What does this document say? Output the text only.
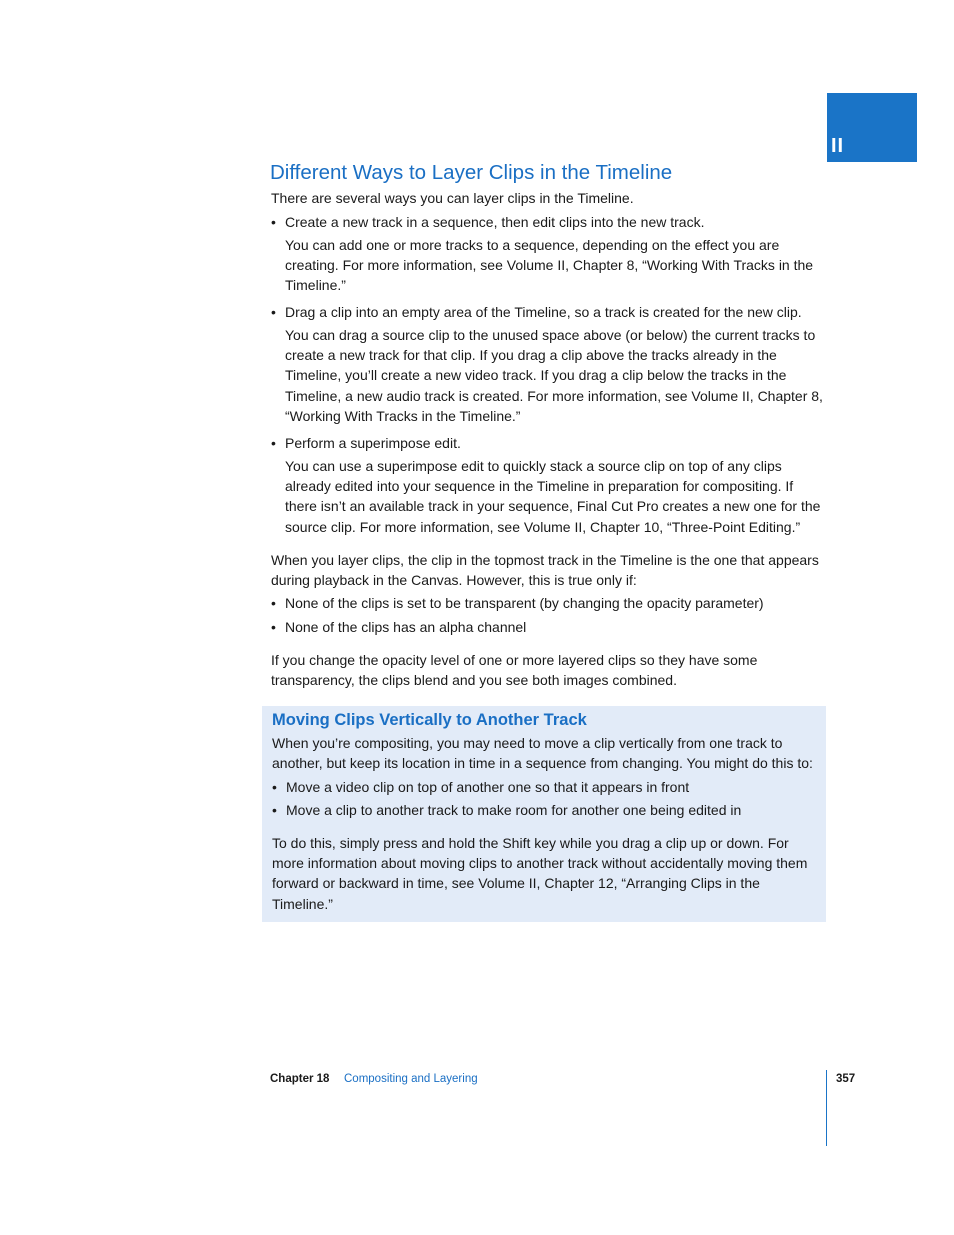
II
Different Ways to Layer Clips in the Timeline

There are several ways you can layer clips in the Timeline.

• Create a new track in a sequence, then edit clips into the new track.

You can add one or more tracks to a sequence, depending on the effect you are creating. For more information, see Volume II, Chapter 8, “Working With Tracks in the Timeline.”

• Drag a clip into an empty area of the Timeline, so a track is created for the new clip.

You can drag a source clip to the unused space above (or below) the current tracks to create a new track for that clip. If you drag a clip above the tracks already in the Timeline, you’ll create a new video track. If you drag a clip below the tracks in the Timeline, a new audio track is created. For more information, see Volume II, Chapter 8, “Working With Tracks in the Timeline.”

• Perform a superimpose edit.

You can use a superimpose edit to quickly stack a source clip on top of any clips already edited into your sequence in the Timeline in preparation for compositing. If there isn’t an available track in your sequence, Final Cut Pro creates a new one for the source clip. For more information, see Volume II, Chapter 10, “Three-Point Editing.”

When you layer clips, the clip in the topmost track in the Timeline is the one that appears during playback in the Canvas. However, this is true only if:

• None of the clips is set to be transparent (by changing the opacity parameter)
• None of the clips has an alpha channel

If you change the opacity level of one or more layered clips so they have some transparency, the clips blend and you see both images combined.

Moving Clips Vertically to Another Track

When you’re compositing, you may need to move a clip vertically from one track to another, but keep its location in time in a sequence from changing. You might do this to:

• Move a video clip on top of another one so that it appears in front
• Move a clip to another track to make room for another one being edited in

To do this, simply press and hold the Shift key while you drag a clip up or down. For more information about moving clips to another track without accidentally moving them forward or backward in time, see Volume II, Chapter 12, “Arranging Clips in the Timeline.”

Chapter 18 Compositing and Layering	357
